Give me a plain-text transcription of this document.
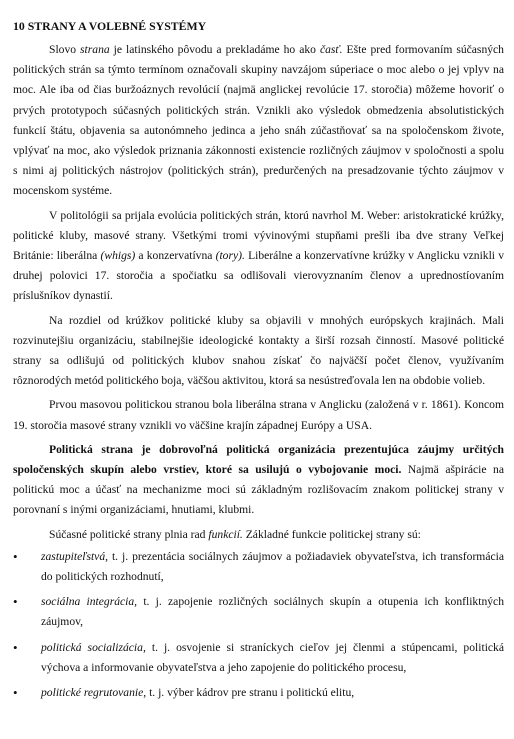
10 STRANY A VOLEBNÉ SYSTÉMY

Slovo strana je latinského pôvodu a prekladáme ho ako časť. Ešte pred formovaním súčasných politických strán sa týmto termínom označovali skupiny navzájom súperiace o moc alebo o jej vplyv na moc. Ale iba od čias buržoáznych revolúcií (najmä anglickej revolúcie 17. storočia) môžeme hovoriť o prvých prototypoch súčasných politických strán. Vznikli ako výsledok obmedzenia absolutistických funkcií štátu, objavenia sa autonómneho jedinca a jeho snáh zúčastňovať sa na spoločenskom živote, vplývať na moc, ako výsledok priznania zákonnosti existencie rozličných záujmov v spoločnosti a spolu s nimi aj politických nástrojov (politických strán), predurčených na presadzovanie týchto záujmov v mocenskom systéme.

V politológii sa prijala evolúcia politických strán, ktorú navrhol M. Weber: aristokratické krúžky, politické kluby, masové strany. Všetkými tromi vývinovými stupňami prešli iba dve strany Veľkej Británie: liberálna (whigs) a konzervatívna (tory). Liberálne a konzervatívne krúžky v Anglicku vznikli v druhej polovici 17. storočia a spočiatku sa odlišovali vierovyznaním členov a uprednostíovaním príslušníkov dynastií.

Na rozdiel od krúžkov politické kluby sa objavili v mnohých európskych krajinách. Mali rozvinutejšiu organizáciu, stabilnejšie ideologické kontakty a širší rozsah činností. Masové politické strany sa odlišujú od politických klubov snahou získať čo najväčší počet členov, využívaním rôznorodých metód politického boja, väčšou aktivitou, ktorá sa nesústreďovala len na obdobie volieb.

Prvou masovou politickou stranou bola liberálna strana v Anglicku (založená v r. 1861). Koncom 19. storočia masové strany vznikli vo väčšine krajín západnej Európy a USA.

Politická strana je dobrovoľná politická organizácia prezentujúca záujmy určitých spoločenských skupín alebo vrstiev, ktoré sa usilujú o vybojovanie moci. Najmä ašpirácie na politickú moc a účasť na mechanizme moci sú základným rozlišovacím znakom politickej strany v porovnaní s inými organizáciami, hnutiami, klubmi.

Súčasné politické strany plnia rad funkcií. Základné funkcie politickej strany sú:

• zastupiteľstvá, t. j. prezentácia sociálnych záujmov a požiadaviek obyvateľstva, ich transformácia do politických rozhodnutí,
• sociálna integrácia, t. j. zapojenie rozličných sociálnych skupín a otupenia ich konfliktných záujmov,
• politická socializácia, t. j. osvojenie si straníckych cieľov jej členmi a stúpencami, politická výchova a informovanie obyvateľstva a jeho zapojenie do politického procesu,
• politické regrutovanie, t. j. výber kádrov pre stranu i politickú elitu,
